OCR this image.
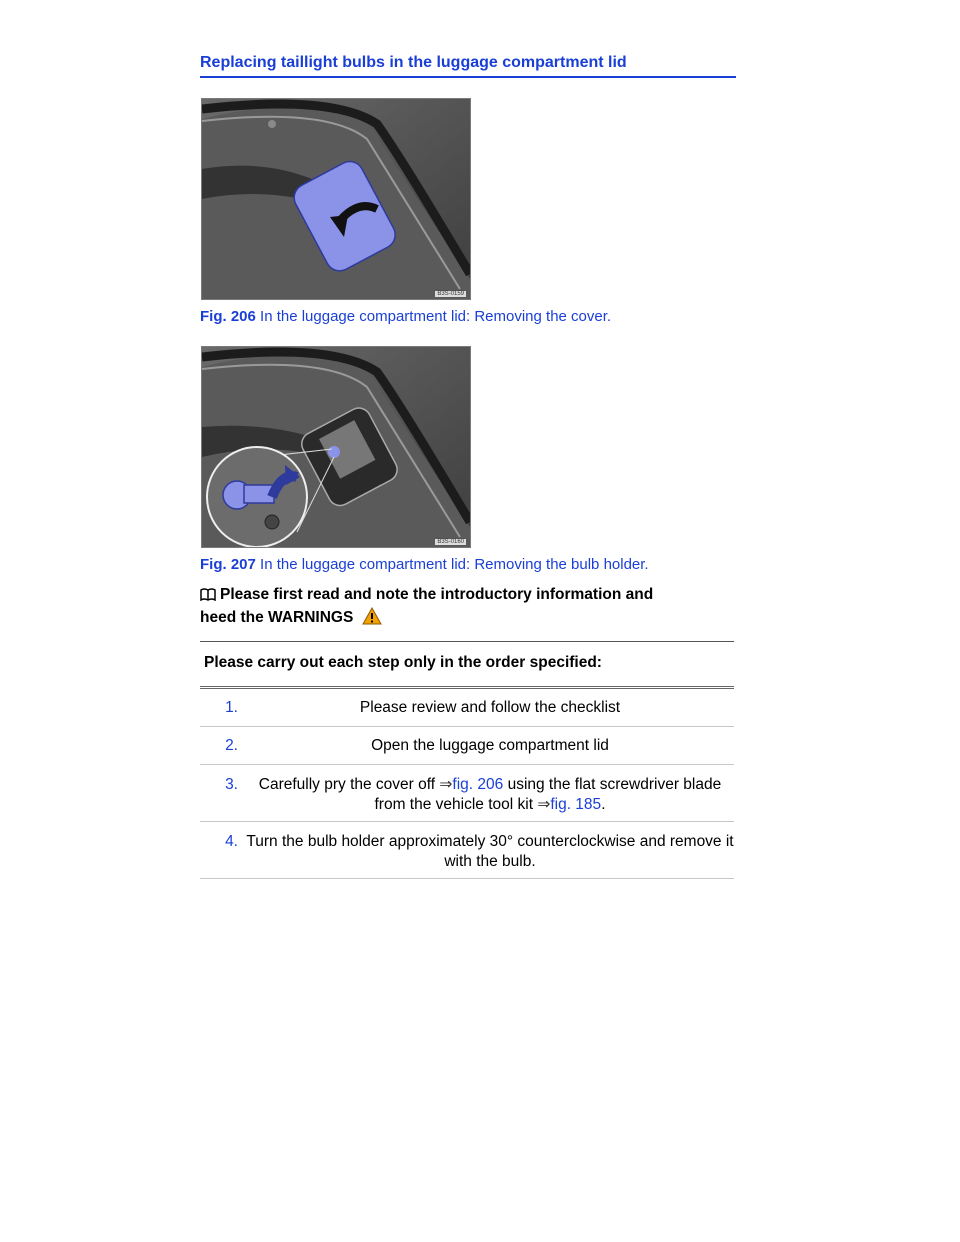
Replacing taillight bulbs in the luggage compartment lid
B3S-0159
Fig. 206 In the luggage compartment lid: Removing the cover.
B3S-0160
Fig. 207 In the luggage compartment lid: Removing the bulb holder.
Please first read and note the introductory information and
heed the WARNINGS
Please carry out each step only in the order specified:
1.	Please review and follow the checklist
2.	Open the luggage compartment lid
3.	Carefully pry the cover off ⇒fig. 206 using the flat screwdriver blade from the vehicle tool kit ⇒fig. 185.
4. Turn the bulb holder approximately 30° counterclockwise and remove it with the bulb.
